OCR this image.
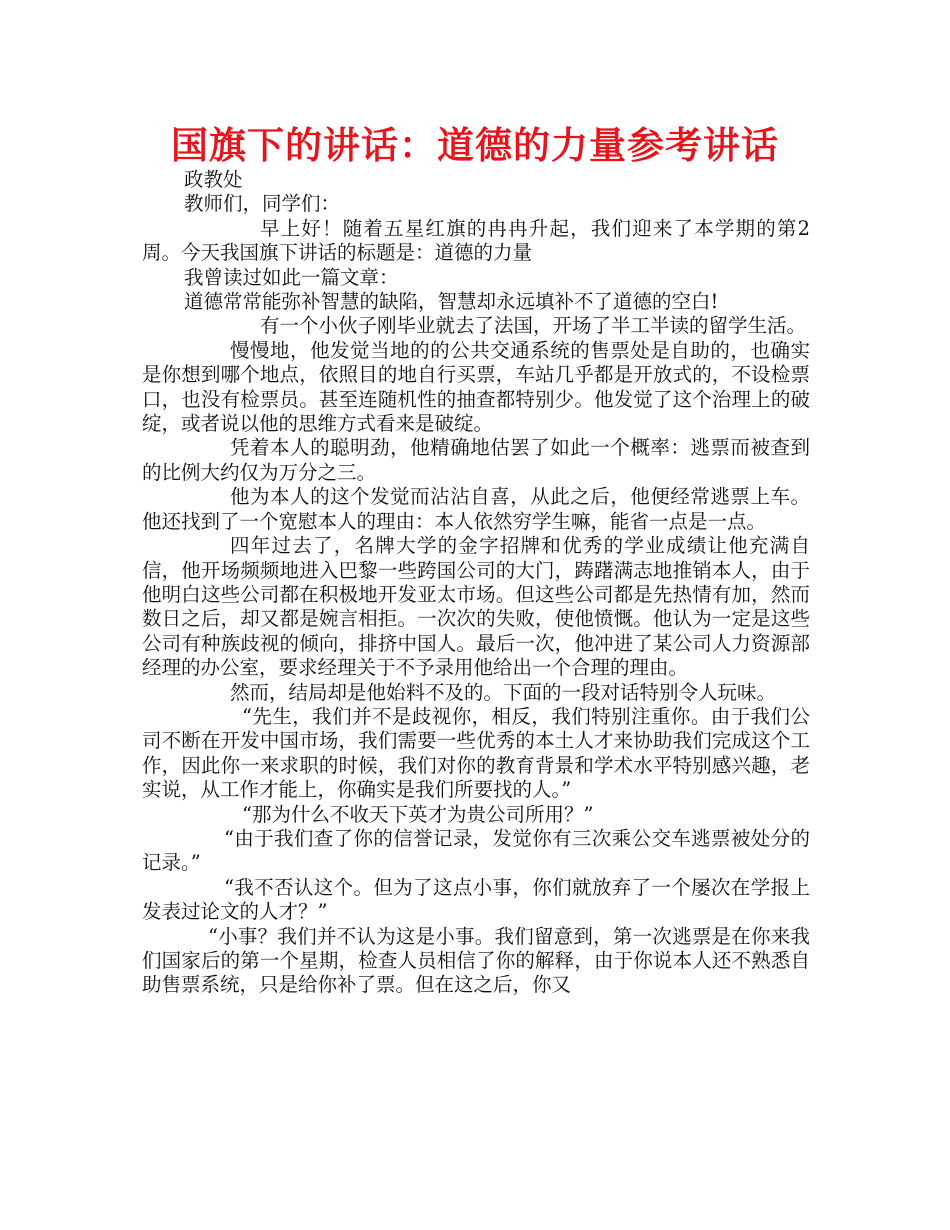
国旗下的讲话：道德的力量参考讲话

政教处

教师们，同学们：

早上好！随着五星红旗的冉冉升起，我们迎来了本学期的第2周。今天我国旗下讲话的标题是：道德的力量

我曾读过如此一篇文章：

道德常常能弥补智慧的缺陷，智慧却永远填补不了道德的空白!

有一个小伙子刚毕业就去了法国，开场了半工半读的留学生活。

慢慢地，他发觉当地的的公共交通系统的售票处是自助的，也确实是你想到哪个地点，依照目的地自行买票，车站几乎都是开放式的，不设检票口，也没有检票员。甚至连随机性的抽查都特别少。他发觉了这个治理上的破绽，或者说以他的思维方式看来是破绽。

凭着本人的聪明劲，他精确地估罢了如此一个概率：逃票而被查到的比例大约仅为万分之三。

他为本人的这个发觉而沾沾自喜，从此之后，他便经常逃票上车。他还找到了一个宽慰本人的理由：本人依然穷学生嘛，能省一点是一点。

四年过去了，名牌大学的金字招牌和优秀的学业成绩让他充满自信，他开场频频地进入巴黎一些跨国公司的大门，踌躇满志地推销本人，由于他明白这些公司都在积极地开发亚太市场。但这些公司都是先热情有加，然而数日之后，却又都是婉言相拒。一次次的失败，使他愤慨。他认为一定是这些公司有种族歧视的倾向，排挤中国人。最后一次，他冲进了某公司人力资源部经理的办公室，要求经理关于不予录用他给出一个合理的理由。

然而，结局却是他始料不及的。下面的一段对话特别令人玩味。

“先生，我们并不是歧视你，相反，我们特别注重你。由于我们公司不断在开发中国市场，我们需要一些优秀的本土人才来协助我们完成这个工作，因此你一来求职的时候，我们对你的教育背景和学术水平特别感兴趣，老实说，从工作才能上，你确实是我们所要找的人。”

“那为什么不收天下英才为贵公司所用？”

“由于我们查了你的信誉记录，发觉你有三次乘公交车逃票被处分的记录。”

“我不否认这个。但为了这点小事，你们就放弃了一个屡次在学报上发表过论文的人才？”

“小事？我们并不认为这是小事。我们留意到，第一次逃票是在你来我们国家后的第一个星期，检查人员相信了你的解释，由于你说本人还不熟悉自助售票系统，只是给你补了票。但在这之后，你又
